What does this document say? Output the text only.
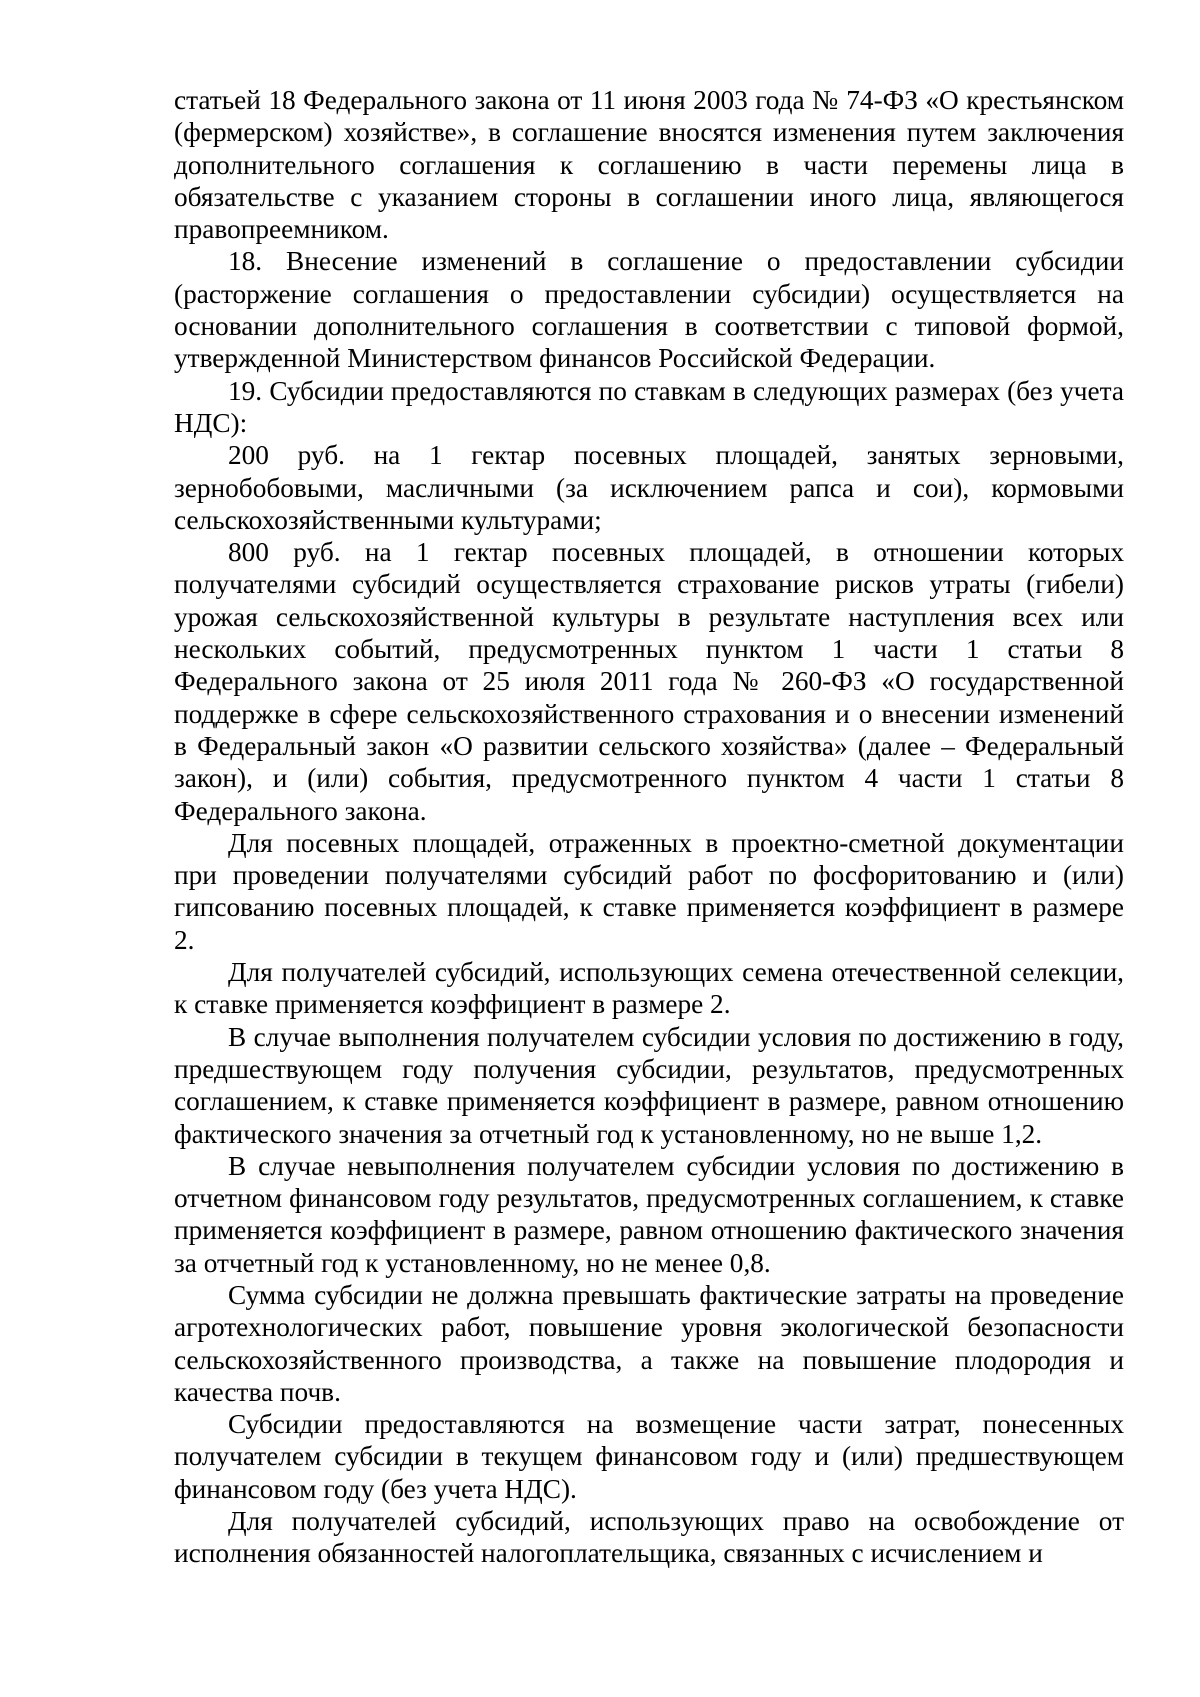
статьей 18 Федерального закона от 11 июня 2003 года № 74-ФЗ «О крестьянском (фермерском) хозяйстве», в соглашение вносятся изменения путем заключения дополнительного соглашения к соглашению в части перемены лица в обязательстве с указанием стороны в соглашении иного лица, являющегося правопреемником.

18. Внесение изменений в соглашение о предоставлении субсидии (расторжение соглашения о предоставлении субсидии) осуществляется на основании дополнительного соглашения в соответствии с типовой формой, утвержденной Министерством финансов Российской Федерации.

19. Субсидии предоставляются по ставкам в следующих размерах (без учета НДС):

200 руб. на 1 гектар посевных площадей, занятых зерновыми, зернобобовыми, масличными (за исключением рапса и сои), кормовыми сельскохозяйственными культурами;

800 руб. на 1 гектар посевных площадей, в отношении которых получателями субсидий осуществляется страхование рисков утраты (гибели) урожая сельскохозяйственной культуры в результате наступления всех или нескольких событий, предусмотренных пунктом 1 части 1 статьи 8 Федерального закона от 25 июля 2011 года № 260-ФЗ «О государственной поддержке в сфере сельскохозяйственного страхования и о внесении изменений в Федеральный закон «О развитии сельского хозяйства» (далее – Федеральный закон), и (или) события, предусмотренного пунктом 4 части 1 статьи 8 Федерального закона.

Для посевных площадей, отраженных в проектно-сметной документации при проведении получателями субсидий работ по фосфоритованию и (или) гипсованию посевных площадей, к ставке применяется коэффициент в размере 2.

Для получателей субсидий, использующих семена отечественной селекции, к ставке применяется коэффициент в размере 2.

В случае выполнения получателем субсидии условия по достижению в году, предшествующем году получения субсидии, результатов, предусмотренных соглашением, к ставке применяется коэффициент в размере, равном отношению фактического значения за отчетный год к установленному, но не выше 1,2.

В случае невыполнения получателем субсидии условия по достижению в отчетном финансовом году результатов, предусмотренных соглашением, к ставке применяется коэффициент в размере, равном отношению фактического значения за отчетный год к установленному, но не менее 0,8.

Сумма субсидии не должна превышать фактические затраты на проведение агротехнологических работ, повышение уровня экологической безопасности сельскохозяйственного производства, а также на повышение плодородия и качества почв.

Субсидии предоставляются на возмещение части затрат, понесенных получателем субсидии в текущем финансовом году и (или) предшествующем финансовом году (без учета НДС).

Для получателей субсидий, использующих право на освобождение от исполнения обязанностей налогоплательщика, связанных с исчислением и
